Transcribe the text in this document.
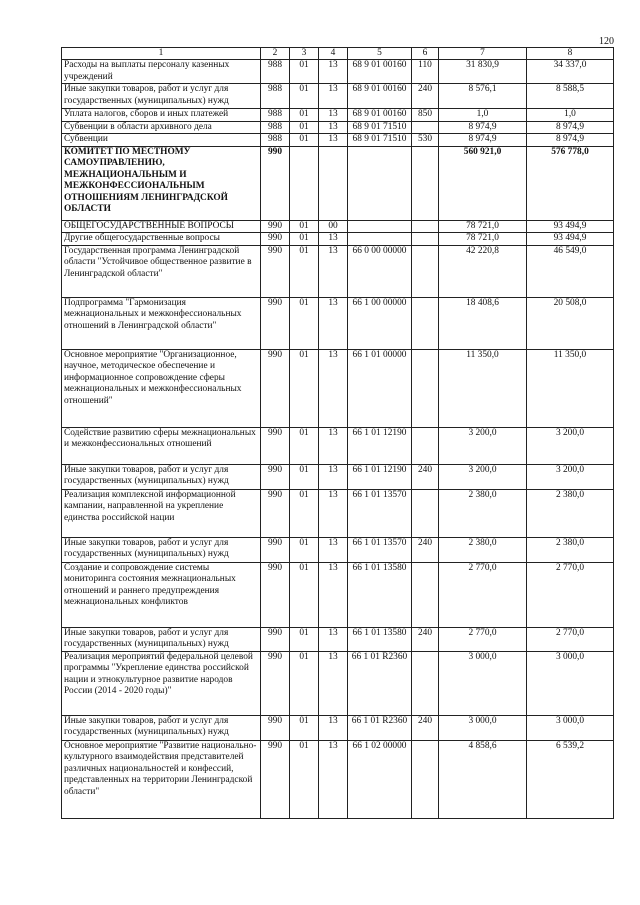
120
1	2	3	4	5	6	7	8
Расходы на выплаты персоналу казенных учреждений	988	01	13	68 9 01 00160	110	31 830,9	34 337,0
Иные закупки товаров, работ и услуг для государственных (муниципальных) нужд	988	01	13	68 9 01 00160	240	8 576,1	8 588,5
Уплата налогов, сборов и иных платежей	988	01	13	68 9 01 00160	850	1,0	1,0
Субвенции в области архивного дела	988	01	13	68 9 01 71510		8 974,9	8 974,9
Субвенции	988	01	13	68 9 01 71510	530	8 974,9	8 974,9
КОМИТЕТ ПО МЕСТНОМУ САМОУПРАВЛЕНИЮ, МЕЖНАЦИОНАЛЬНЫМ И МЕЖКОНФЕССИОНАЛЬНЫМ ОТНОШЕНИЯМ ЛЕНИНГРАДСКОЙ ОБЛАСТИ	990					560 921,0	576 778,0
ОБЩЕГОСУДАРСТВЕННЫЕ ВОПРОСЫ	990	01	00			78 721,0	93 494,9
Другие общегосударственные вопросы	990	01	13			78 721,0	93 494,9
Государственная программа Ленинградской области "Устойчивое общественное развитие в Ленинградской области"	990	01	13	66 0 00 00000		42 220,8	46 549,0
Подпрограмма "Гармонизация межнациональных и межконфессиональных отношений в Ленинградской области"	990	01	13	66 1 00 00000		18 408,6	20 508,0
Основное мероприятие "Организационное, научное, методическое обеспечение и информационное сопровождение сферы межнациональных и межконфессиональных отношений"	990	01	13	66 1 01 00000		11 350,0	11 350,0
Содействие развитию сферы межнациональных и межконфессиональных отношений	990	01	13	66 1 01 12190		3 200,0	3 200,0
Иные закупки товаров, работ и услуг для государственных (муниципальных) нужд	990	01	13	66 1 01 12190	240	3 200,0	3 200,0
Реализация комплексной информационной кампании, направленной на укрепление единства российской нации	990	01	13	66 1 01 13570		2 380,0	2 380,0
Иные закупки товаров, работ и услуг для государственных (муниципальных) нужд	990	01	13	66 1 01 13570	240	2 380,0	2 380,0
Создание и сопровождение системы мониторинга состояния межнациональных отношений и раннего предупреждения межнациональных конфликтов	990	01	13	66 1 01 13580		2 770,0	2 770,0
Иные закупки товаров, работ и услуг для государственных (муниципальных) нужд	990	01	13	66 1 01 13580	240	2 770,0	2 770,0
Реализация мероприятий федеральной целевой программы "Укрепление единства российской нации и этнокультурное развитие народов России (2014 - 2020 годы)"	990	01	13	66 1 01 R2360		3 000,0	3 000,0
Иные закупки товаров, работ и услуг для государственных (муниципальных) нужд	990	01	13	66 1 01 R2360	240	3 000,0	3 000,0
Основное мероприятие "Развитие национально-культурного взаимодействия представителей различных национальностей и конфессий, представленных на территории Ленинградской области"	990	01	13	66 1 02 00000		4 858,6	6 539,2
